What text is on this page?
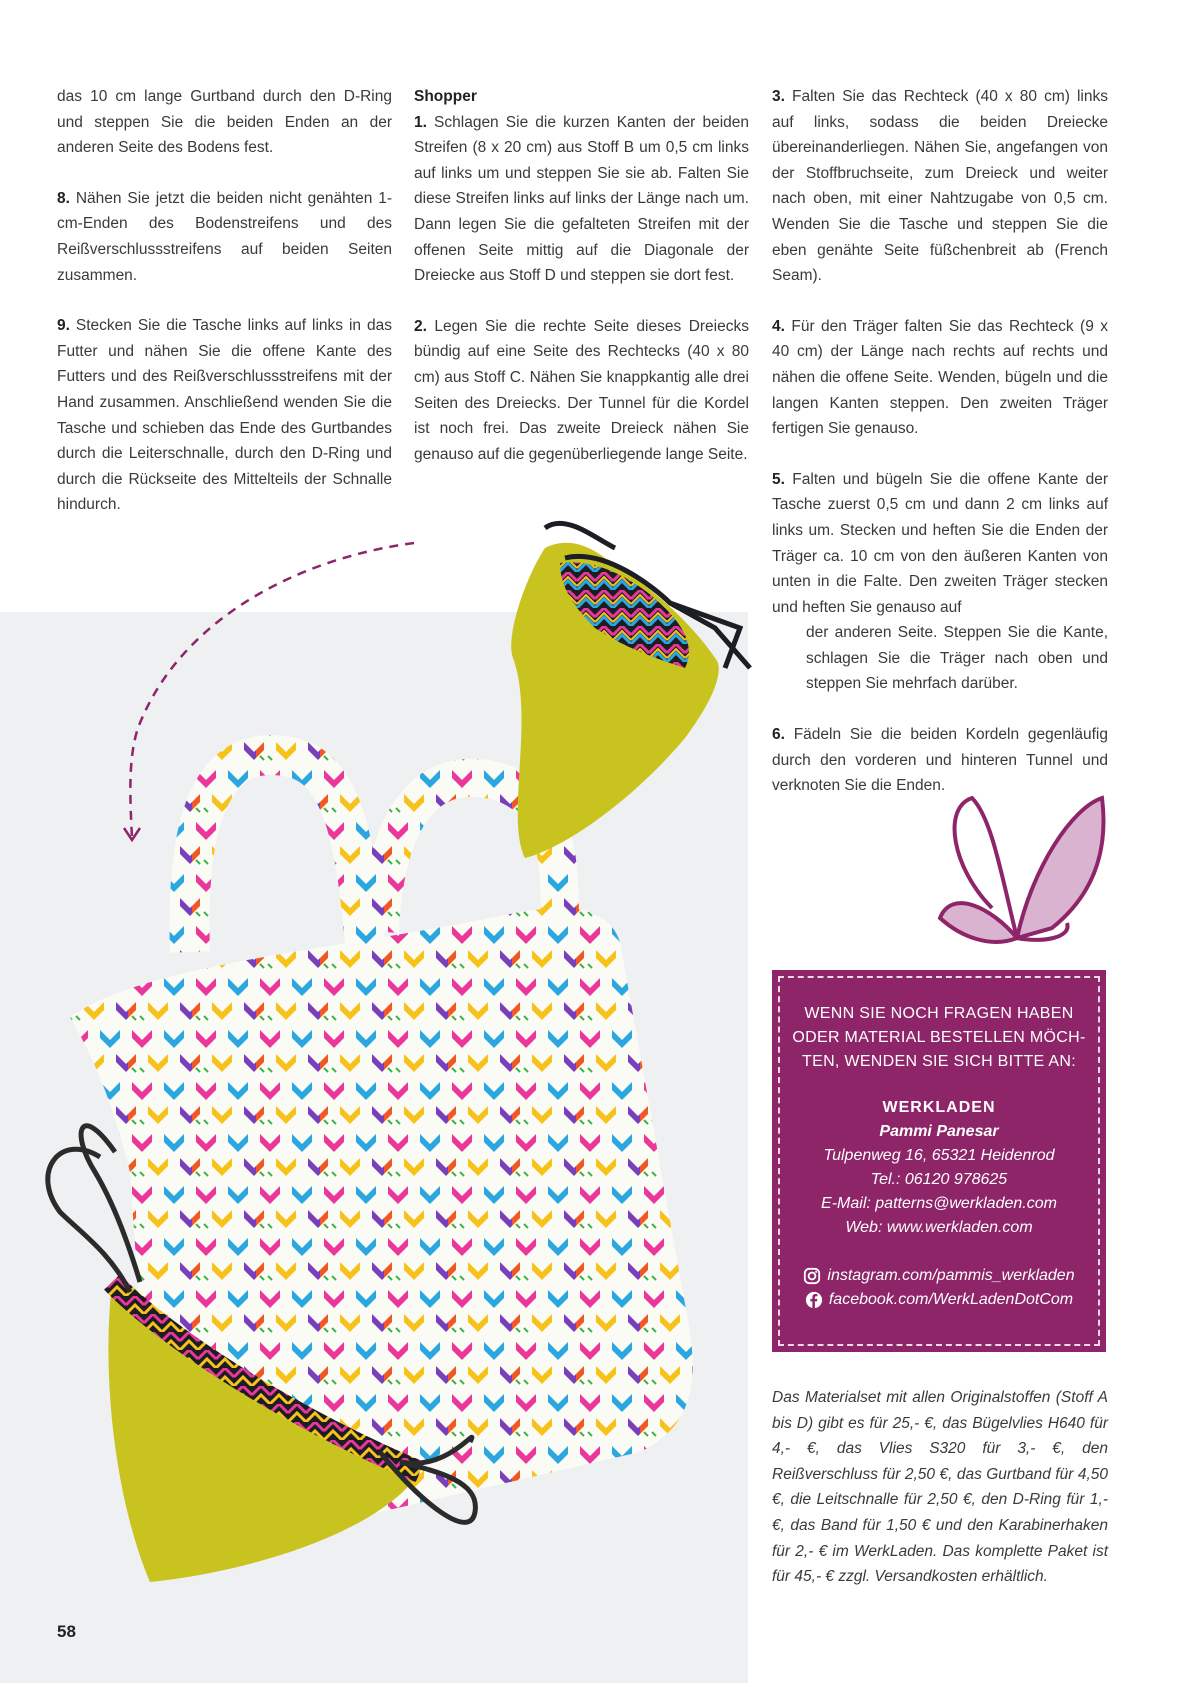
das 10 cm lange Gurtband durch den D-Ring und steppen Sie die beiden Enden an der anderen Seite des Bodens fest.

8. Nähen Sie jetzt die beiden nicht genähten 1-cm-Enden des Bodenstreifens und des Reißverschlussstreifens auf beiden Seiten zusammen.

9. Stecken Sie die Tasche links auf links in das Futter und nähen Sie die offene Kante des Futters und des Reißverschlussstreifens mit der Hand zusammen. Anschließend wenden Sie die Tasche und schieben das Ende des Gurtbandes durch die Leiterschnalle, durch den D-Ring und durch die Rückseite des Mittelteils der Schnalle hindurch.

Shopper
1. Schlagen Sie die kurzen Kanten der beiden Streifen (8 x 20 cm) aus Stoff B um 0,5 cm links auf links um und steppen Sie sie ab. Falten Sie diese Streifen links auf links der Länge nach um. Dann legen Sie die gefalteten Streifen mit der offenen Seite mittig auf die Diagonale der Dreiecke aus Stoff D und steppen sie dort fest.

2. Legen Sie die rechte Seite dieses Dreiecks bündig auf eine Seite des Rechtecks (40 x 80 cm) aus Stoff C. Nähen Sie knappkantig alle drei Seiten des Dreiecks. Der Tunnel für die Kordel ist noch frei. Das zweite Dreieck nähen Sie genauso auf die gegenüberliegende lange Seite.

3. Falten Sie das Rechteck (40 x 80 cm) links auf links, sodass die beiden Dreiecke übereinanderliegen. Nähen Sie, angefangen von der Stoffbruchseite, zum Dreieck und weiter nach oben, mit einer Nahtzugabe von 0,5 cm. Wenden Sie die Tasche und steppen Sie die eben genähte Seite füßchenbreit ab (French Seam).

4. Für den Träger falten Sie das Rechteck (9 x 40 cm) der Länge nach rechts auf rechts und nähen die offene Seite. Wenden, bügeln und die langen Kanten steppen. Den zweiten Träger fertigen Sie genauso.

5. Falten und bügeln Sie die offene Kante der Tasche zuerst 0,5 cm und dann 2 cm links auf links um. Stecken und heften Sie die Enden der Träger ca. 10 cm von den äußeren Kanten von unten in die Falte. Den zweiten Träger stecken und heften Sie genauso auf

der anderen Seite. Steppen Sie die Kante, schlagen Sie die Träger nach oben und steppen Sie mehrfach darüber.

6. Fädeln Sie die beiden Kordeln gegenläufig durch den vorderen und hinteren Tunnel und verknoten Sie die Enden.

WENN SIE NOCH FRAGEN HABEN
ODER MATERIAL BESTELLEN MÖCH-
TEN, WENDEN SIE SICH BITTE AN:
WERKLADEN
Pammi Panesar
Tulpenweg 16, 65321 Heidenrod
Tel.: 06120 978625
E-Mail: patterns@werkladen.com
Web: www.werkladen.com
instagram.com/pammis_werkladen
facebook.com/WerkLadenDotCom
Das Materialset mit allen Originalstoffen (Stoff A bis D) gibt es für 25,- €, das Bügelvlies H640 für 4,- €, das Vlies S320 für 3,- €, den Reißverschluss für 2,50 €, das Gurtband für 4,50 €, die Leitschnalle für 2,50 €, den D-Ring für 1,- €, das Band für 1,50 € und den Karabinerhaken für 2,- € im WerkLaden. Das komplette Paket ist für 45,- € zzgl. Versandkosten erhältlich.
58
